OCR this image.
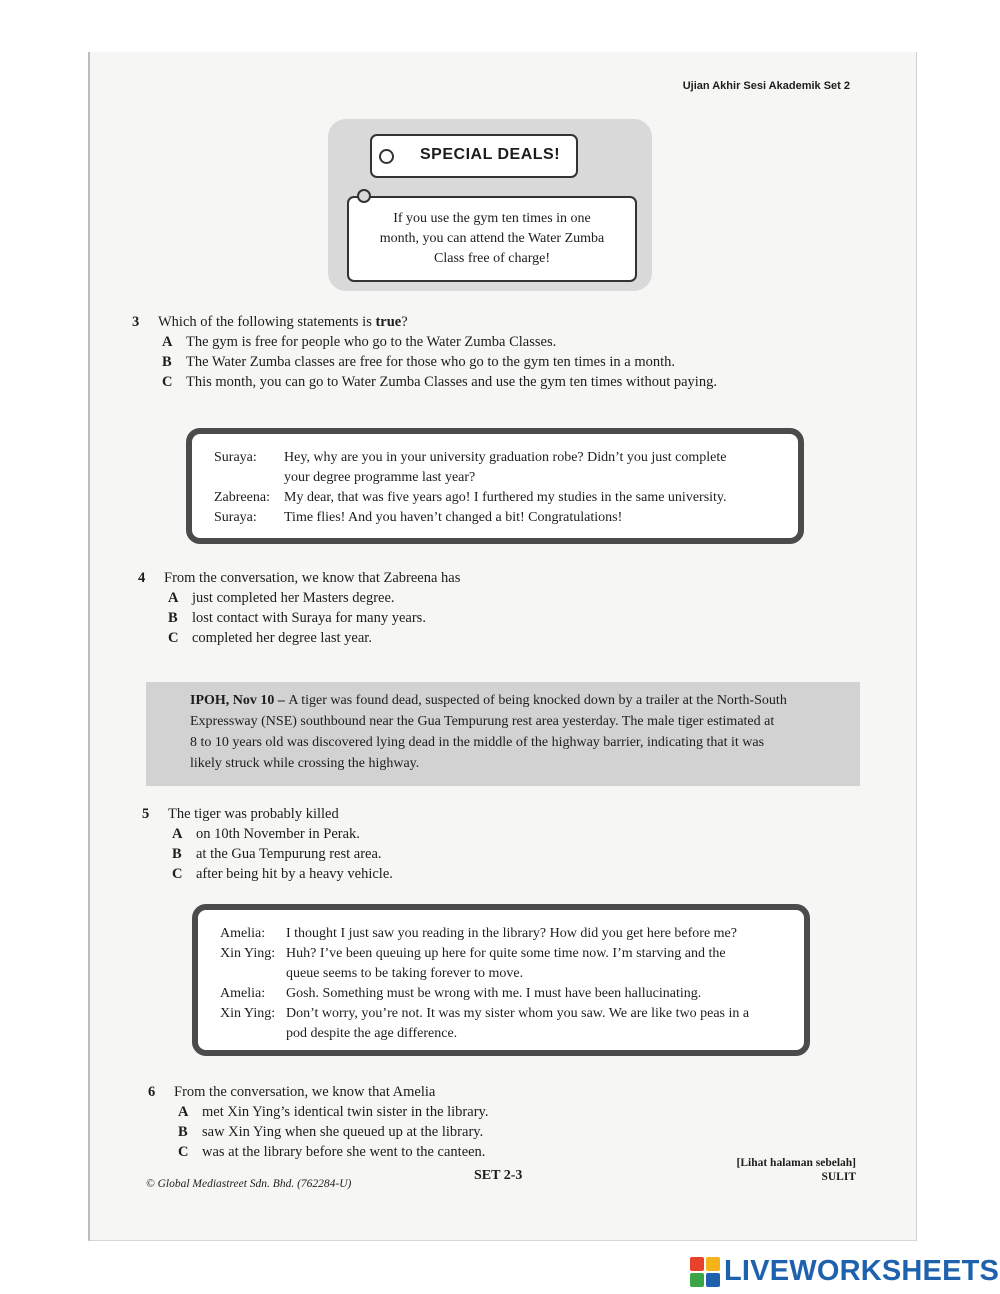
Ujian Akhir Sesi Akademik Set 2
SPECIAL DEALS!
If you use the gym ten times in one
month, you can attend the Water Zumba
Class free of charge!
3 Which of the following statements is true?
A The gym is free for people who go to the Water Zumba Classes.
B The Water Zumba classes are free for those who go to the gym ten times in a month.
C This month, you can go to Water Zumba Classes and use the gym ten times without paying.
Suraya:	Hey, why are you in your university graduation robe? Didn’t you just complete
your degree programme last year?
Zabreena:	My dear, that was five years ago! I furthered my studies in the same university.
Suraya:	Time flies! And you haven’t changed a bit! Congratulations!
4 From the conversation, we know that Zabreena has
A just completed her Masters degree.
B lost contact with Suraya for many years.
C completed her degree last year.
IPOH, Nov 10 – A tiger was found dead, suspected of being knocked down by a trailer at the North-South
Expressway (NSE) southbound near the Gua Tempurung rest area yesterday. The male tiger estimated at
8 to 10 years old was discovered lying dead in the middle of the highway barrier, indicating that it was
likely struck while crossing the highway.
5 The tiger was probably killed
A on 10th November in Perak.
B at the Gua Tempurung rest area.
C after being hit by a heavy vehicle.
Amelia:	I thought I just saw you reading in the library? How did you get here before me?
Xin Ying: Huh? I’ve been queuing up here for quite some time now. I’m starving and the
queue seems to be taking forever to move.
Amelia:	Gosh. Something must be wrong with me. I must have been hallucinating.
Xin Ying: Don’t worry, you’re not. It was my sister whom you saw. We are like two peas in a
pod despite the age difference.
6 From the conversation, we know that Amelia
A met Xin Ying’s identical twin sister in the library.
B saw Xin Ying when she queued up at the library.
C was at the library before she went to the canteen.
© Global Mediastreet Sdn. Bhd. (762284-U)
SET 2-3
[Lihat halaman sebelah]
SULIT
LIVEWORKSHEETS
